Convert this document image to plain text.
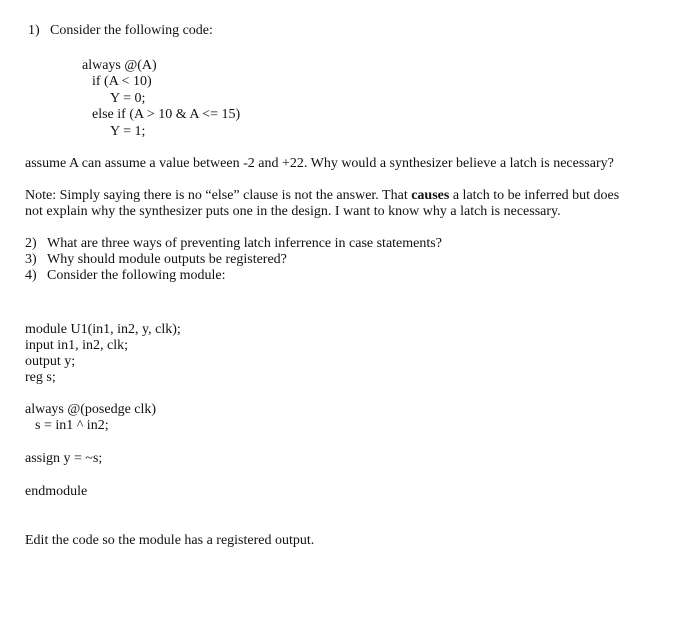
1) Consider the following code:
always @(A)
if (A < 10)
Y = 0;
else if (A > 10 & A <= 15)
Y = 1;
assume A can assume a value between -2 and +22. Why would a synthesizer believe a latch is necessary?
Note: Simply saying there is no “else” clause is not the answer. That causes a latch to be inferred but does
not explain why the synthesizer puts one in the design. I want to know why a latch is necessary.
2) What are three ways of preventing latch inferrence in case statements?
3) Why should module outputs be registered?
4) Consider the following module:
module U1(in1, in2, y, clk);
input in1, in2, clk;
output y;
reg s;
always @(posedge clk)
s = in1 ^ in2;
assign y = ~s;
endmodule
Edit the code so the module has a registered output.
